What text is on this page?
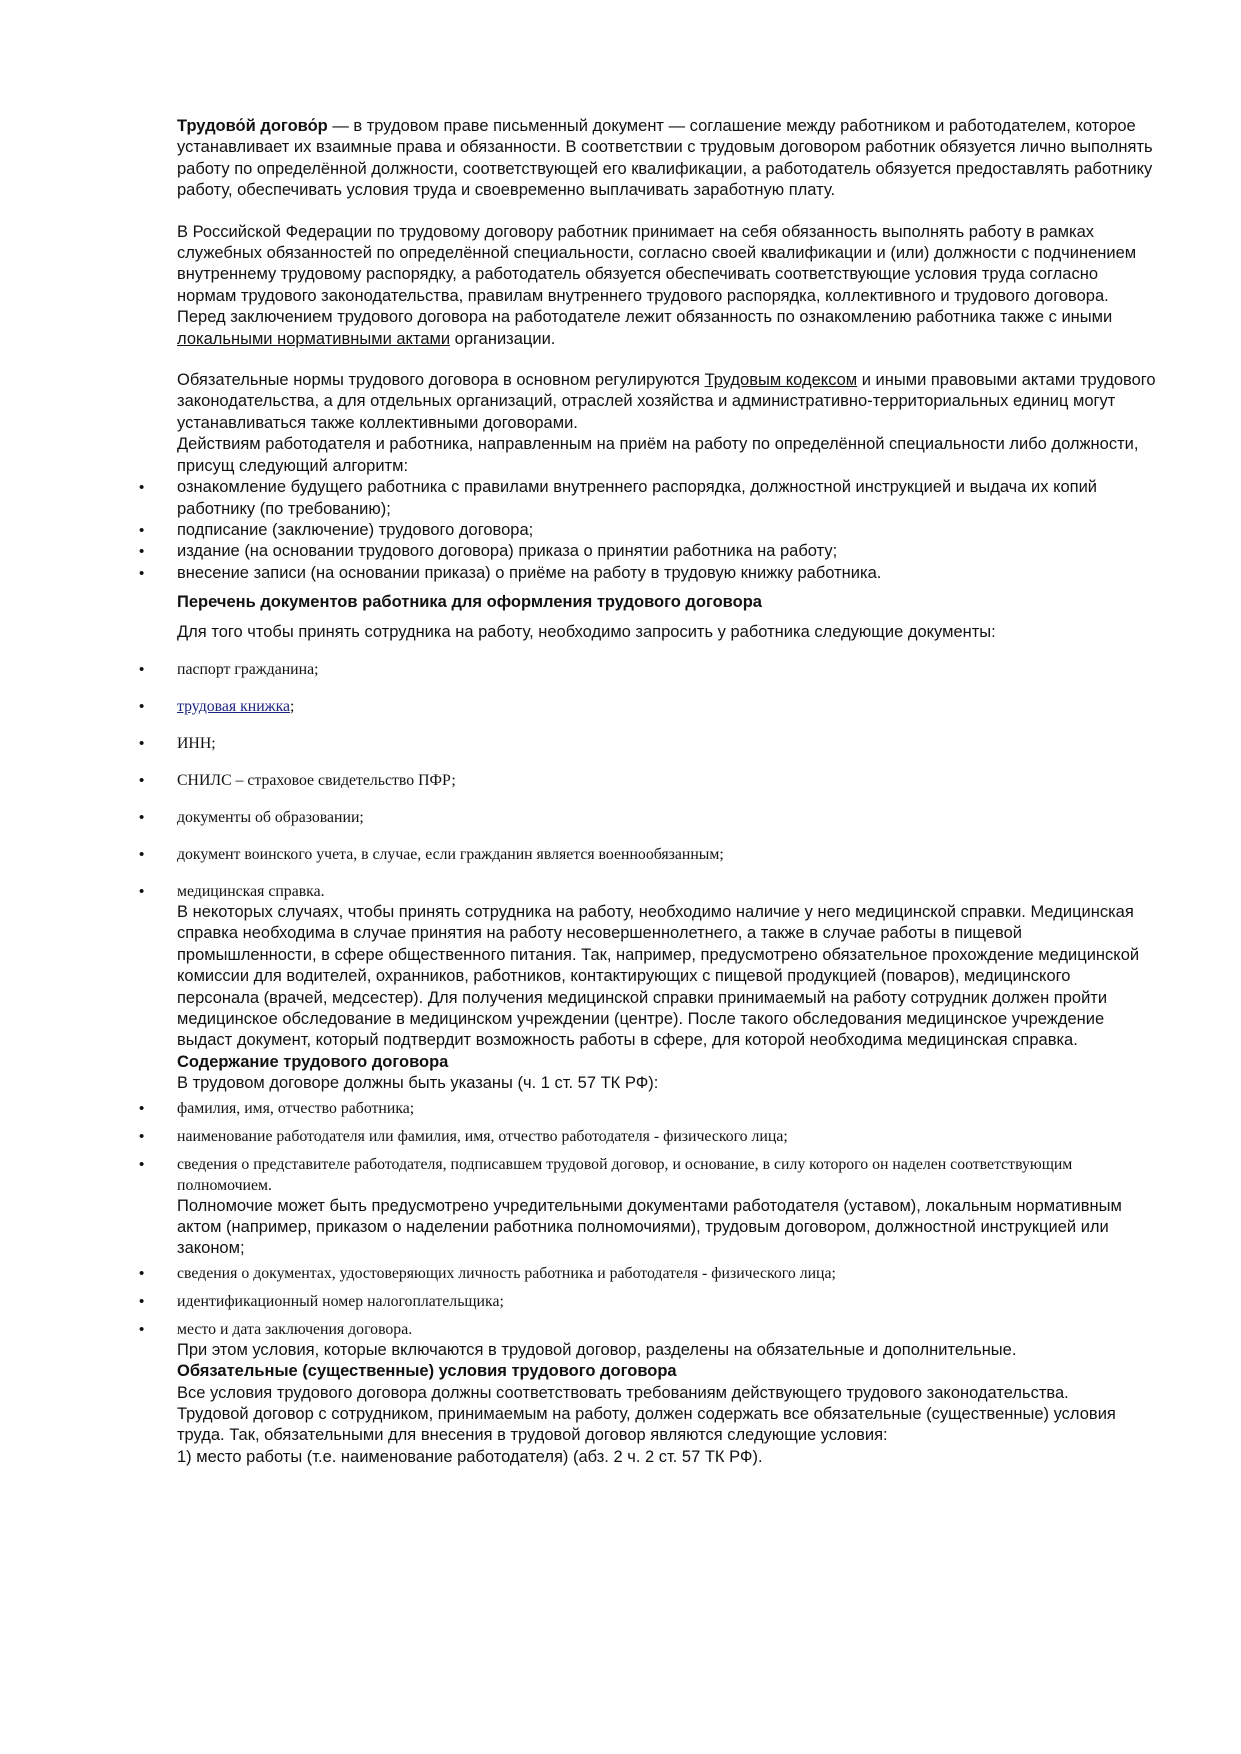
Трудово́й догово́р — в трудовом праве письменный документ — соглашение между работником и работодателем, которое устанавливает их взаимные права и обязанности. В соответствии с трудовым договором работник обязуется лично выполнять работу по определённой должности, соответствующей его квалификации, а работодатель обязуется предоставлять работнику работу, обеспечивать условия труда и своевременно выплачивать заработную плату.

В Российской Федерации по трудовому договору работник принимает на себя обязанность выполнять работу в рамках служебных обязанностей по определённой специальности, согласно своей квалификации и (или) должности с подчинением внутреннему трудовому распорядку, а работодатель обязуется обеспечивать соответствующие условия труда согласно нормам трудового законодательства, правилам внутреннего трудового распорядка, коллективного и трудового договора.

Перед заключением трудового договора на работодателе лежит обязанность по ознакомлению работника также с иными локальными нормативными актами организации.

Обязательные нормы трудового договора в основном регулируются Трудовым кодексом и иными правовыми актами трудового законодательства, а для отдельных организаций, отраслей хозяйства и административно-территориальных единиц могут устанавливаться также коллективными договорами.

Действиям работодателя и работника, направленным на приём на работу по определённой специальности либо должности, присущ следующий алгоритм:

• ознакомление будущего работника с правилами внутреннего распорядка, должностной инструкцией и выдача их копий работнику (по требованию);
• подписание (заключение) трудового договора;
• издание (на основании трудового договора) приказа о принятии работника на работу;
• внесение записи (на основании приказа) о приёме на работу в трудовую книжку работника.

Перечень документов работника для оформления трудового договора

Для того чтобы принять сотрудника на работу, необходимо запросить у работника следующие документы:

• паспорт гражданина;
• трудовая книжка;
• ИНН;
• СНИЛС – страховое свидетельство ПФР;
• документы об образовании;
• документ воинского учета, в случае, если гражданин является военнообязанным;
• медицинская справка.

В некоторых случаях, чтобы принять сотрудника на работу, необходимо наличие у него медицинской справки. Медицинская справка необходима в случае принятия на работу несовершеннолетнего, а также в случае работы в пищевой промышленности, в сфере общественного питания. Так, например, предусмотрено обязательное прохождение медицинской комиссии для водителей, охранников, работников, контактирующих с пищевой продукцией (поваров), медицинского персонала (врачей, медсестер). Для получения медицинской справки принимаемый на работу сотрудник должен пройти медицинское обследование в медицинском учреждении (центре). После такого обследования медицинское учреждение выдаст документ, который подтвердит возможность работы в сфере, для которой необходима медицинская справка.

Содержание трудового договора

В трудовом договоре должны быть указаны (ч. 1 ст. 57 ТК РФ):

• фамилия, имя, отчество работника;
• наименование работодателя или фамилия, имя, отчество работодателя - физического лица;
• сведения о представителе работодателя, подписавшем трудовой договор, и основание, в силу которого он наделен соответствующим полномочием.

Полномочие может быть предусмотрено учредительными документами работодателя (уставом), локальным нормативным актом (например, приказом о наделении работника полномочиями), трудовым договором, должностной инструкцией или законом;

• сведения о документах, удостоверяющих личность работника и работодателя - физического лица;
• идентификационный номер налогоплательщика;
• место и дата заключения договора.

При этом условия, которые включаются в трудовой договор, разделены на обязательные и дополнительные.

Обязательные (существенные) условия трудового договора

Все условия трудового договора должны соответствовать требованиям действующего трудового законодательства.

Трудовой договор с сотрудником, принимаемым на работу, должен содержать все обязательные (существенные) условия труда. Так, обязательными для внесения в трудовой договор являются следующие условия:

1) место работы (т.е. наименование работодателя) (абз. 2 ч. 2 ст. 57 ТК РФ).
